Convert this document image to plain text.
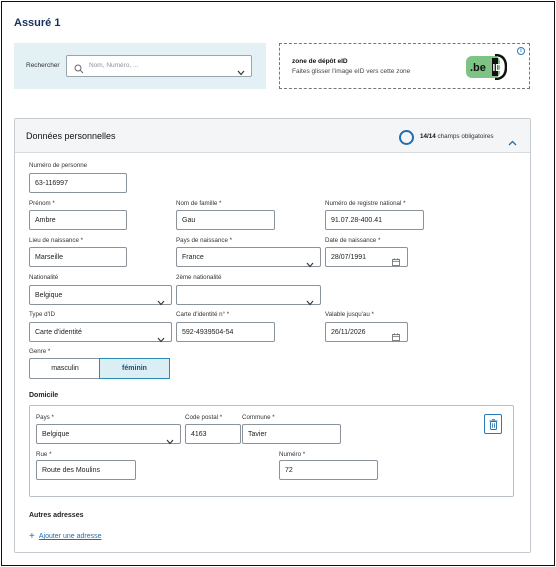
Assuré 1
Rechercher	Nom, Numéro, ...
zone de dépôt eID
Faites glisser l'image eID vers cette zone
i
.be ID
Données personnelles	14/14 champs obligatoires
Numéro de personne
63-116997
Prénom *
Ambre
Nom de famille *
Gau
Numéro de registre national *
91.07.28-400.41
Lieu de naissance *
Marseille
Pays de naissance *
France
Date de naissance *
28/07/1991
Nationalité
Belgique
2ème nationalité
Type d'ID
Carte d'identité
Carte d'identité n° *
592-4939504-54
Valable jusqu'au *
26/11/2026
Genre *
masculin	féminin
Domicile
Pays *
Belgique
Code postal *
4163
Commune *
Tavier
Rue *
Route des Moulins
Numéro *
72
Autres adresses
+ Ajouter une adresse
